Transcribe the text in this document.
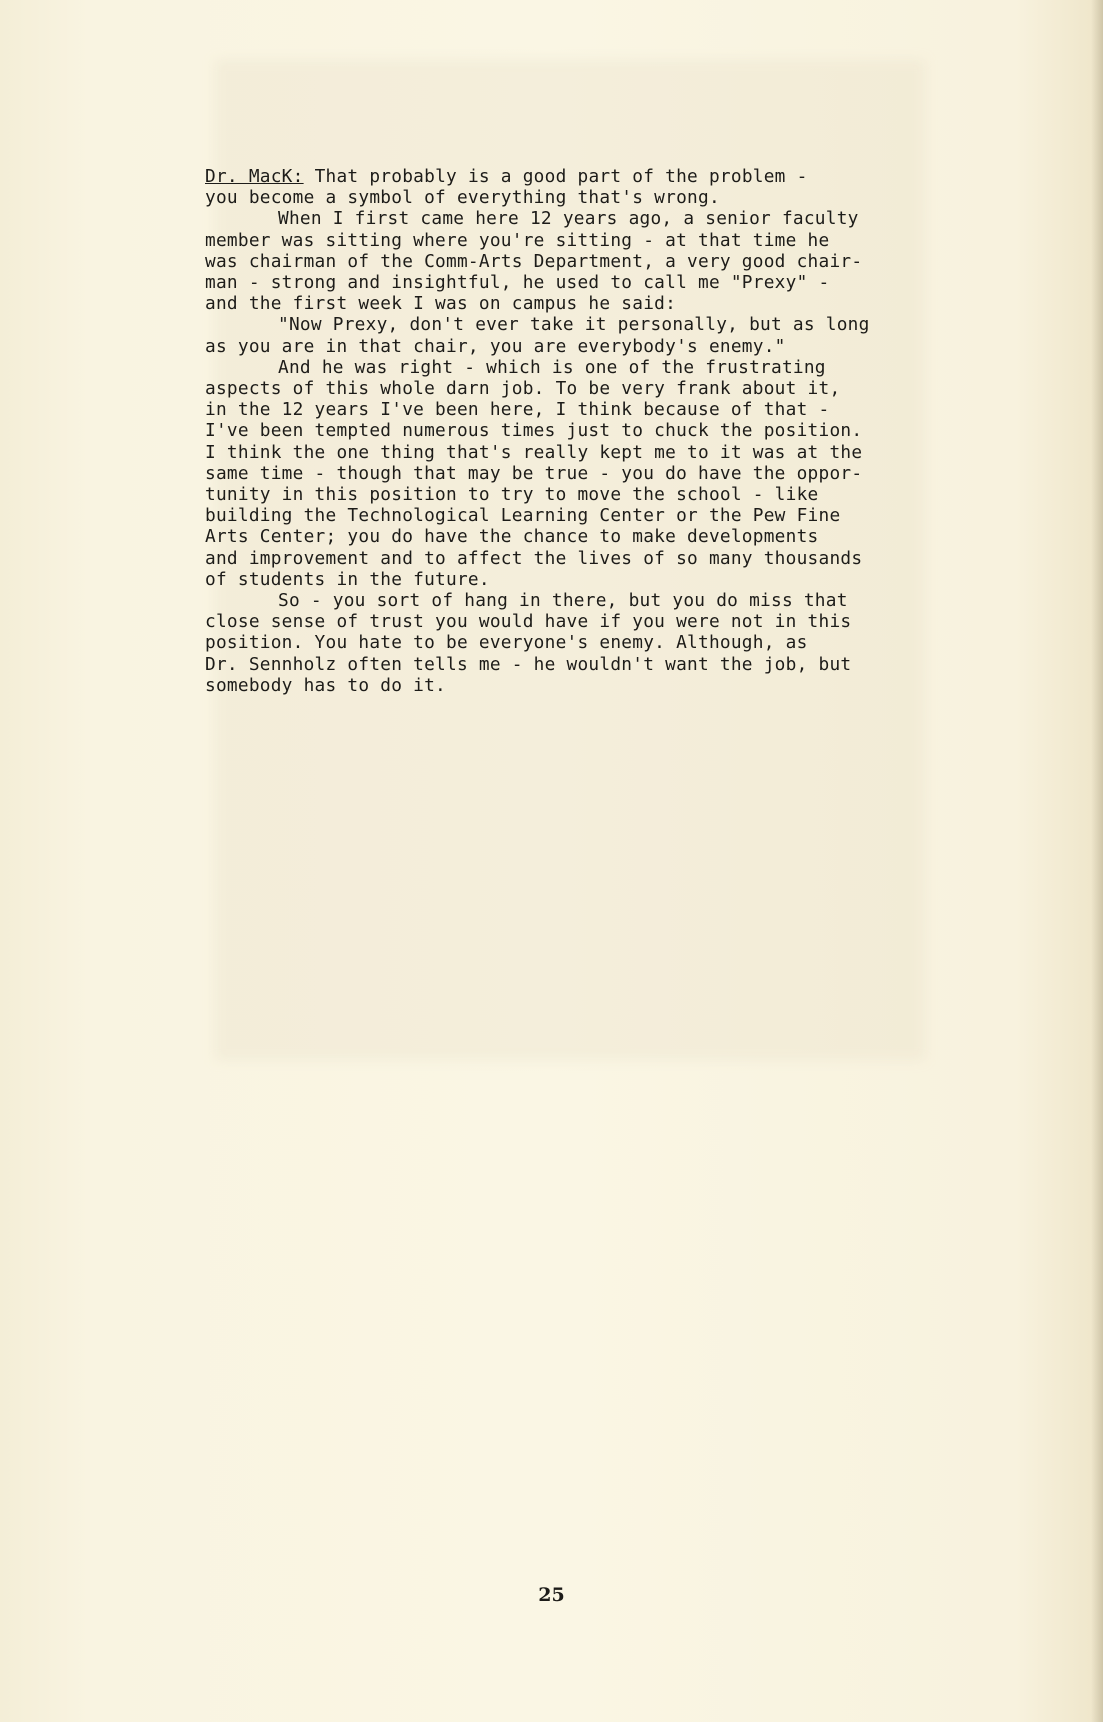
Dr. MacK: That probably is a good part of the problem -
you become a symbol of everything that's wrong.

When I first came here 12 years ago, a senior faculty
member was sitting where you're sitting - at that time he
was chairman of the Comm-Arts Department, a very good chair-
man - strong and insightful, he used to call me "Prexy" -
and the first week I was on campus he said:

"Now Prexy, don't ever take it personally, but as long
as you are in that chair, you are everybody's enemy."

And he was right - which is one of the frustrating
aspects of this whole darn job. To be very frank about it,
in the 12 years I've been here, I think because of that -
I've been tempted numerous times just to chuck the position.
I think the one thing that's really kept me to it was at the
same time - though that may be true - you do have the oppor-
tunity in this position to try to move the school - like
building the Technological Learning Center or the Pew Fine
Arts Center; you do have the chance to make developments
and improvement and to affect the lives of so many thousands
of students in the future.

So - you sort of hang in there, but you do miss that
close sense of trust you would have if you were not in this
position. You hate to be everyone's enemy. Although, as
Dr. Sennholz often tells me - he wouldn't want the job, but
somebody has to do it.

25
